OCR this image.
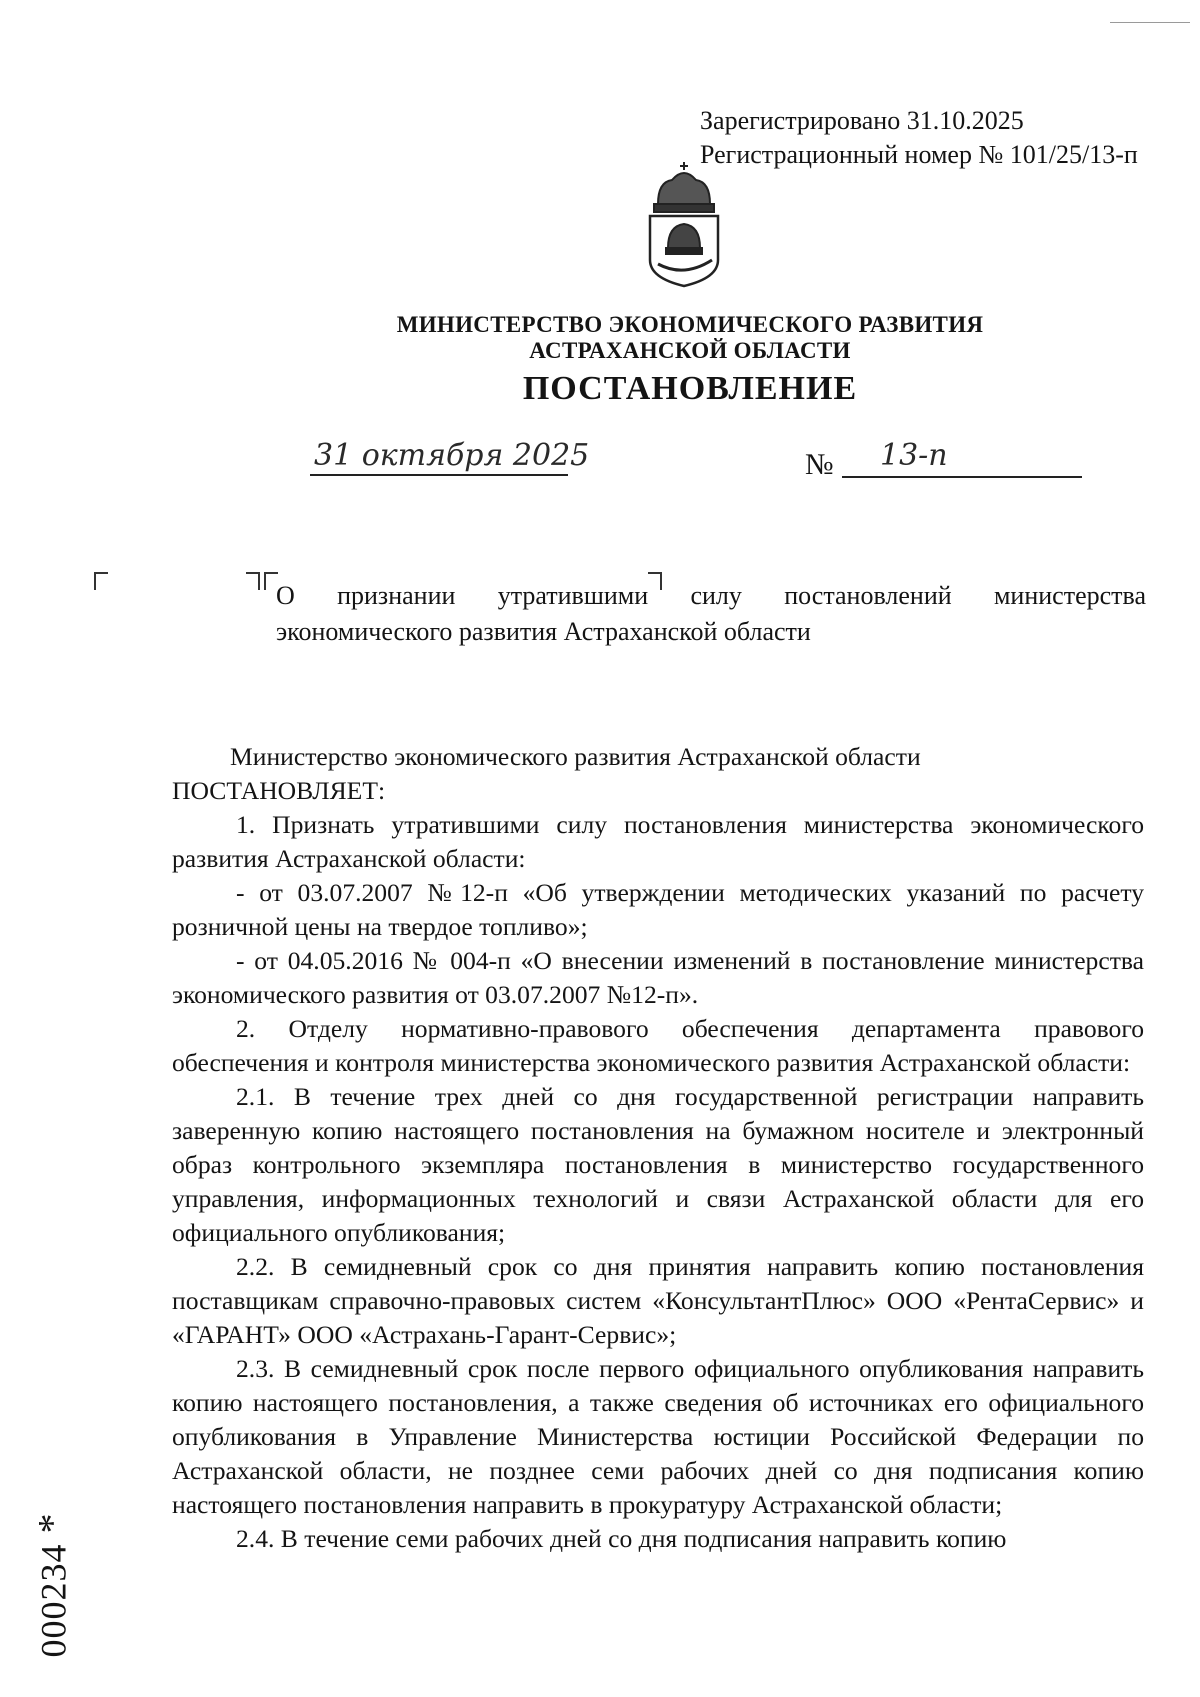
Зарегистрировано 31.10.2025
Регистрационный номер № 101/25/13-п
МИНИСТЕРСТВО ЭКОНОМИЧЕСКОГО РАЗВИТИЯ
АСТРАХАНСКОЙ ОБЛАСТИ
ПОСТАНОВЛЕНИЕ
31 октября 2025	№ 13-п
О признании утратившими силу постановлений министерства экономического развития Астраханской области

Министерство экономического развития Астраханской области

ПОСТАНОВЛЯЕТ:

1. Признать утратившими силу постановления министерства экономического развития Астраханской области:

- от 03.07.2007 №12-п «Об утверждении методических указаний по расчету розничной цены на твердое топливо»;

- от 04.05.2016 № 004-п «О внесении изменений в постановление министерства экономического развития от 03.07.2007 №12-п».

2. Отделу нормативно-правового обеспечения департамента правового обеспечения и контроля министерства экономического развития Астраханской области:

2.1. В течение трех дней со дня государственной регистрации направить заверенную копию настоящего постановления на бумажном носителе и электронный образ контрольного экземпляра постановления в министерство государственного управления, информационных технологий и связи Астраханской области для его официального опубликования;

2.2. В семидневный срок со дня принятия направить копию постановления поставщикам справочно-правовых систем «КонсультантПлюс» ООО «РентаСервис» и «ГАРАНТ» ООО «Астрахань-Гарант-Сервис»;

2.3. В семидневный срок после первого официального опубликования направить копию настоящего постановления, а также сведения об источниках его официального опубликования в Управление Министерства юстиции Российской Федерации по Астраханской области, не позднее семи рабочих дней со дня подписания копию настоящего постановления направить в прокуратуру Астраханской области;

2.4. В течение семи рабочих дней со дня подписания направить копию

000234*
